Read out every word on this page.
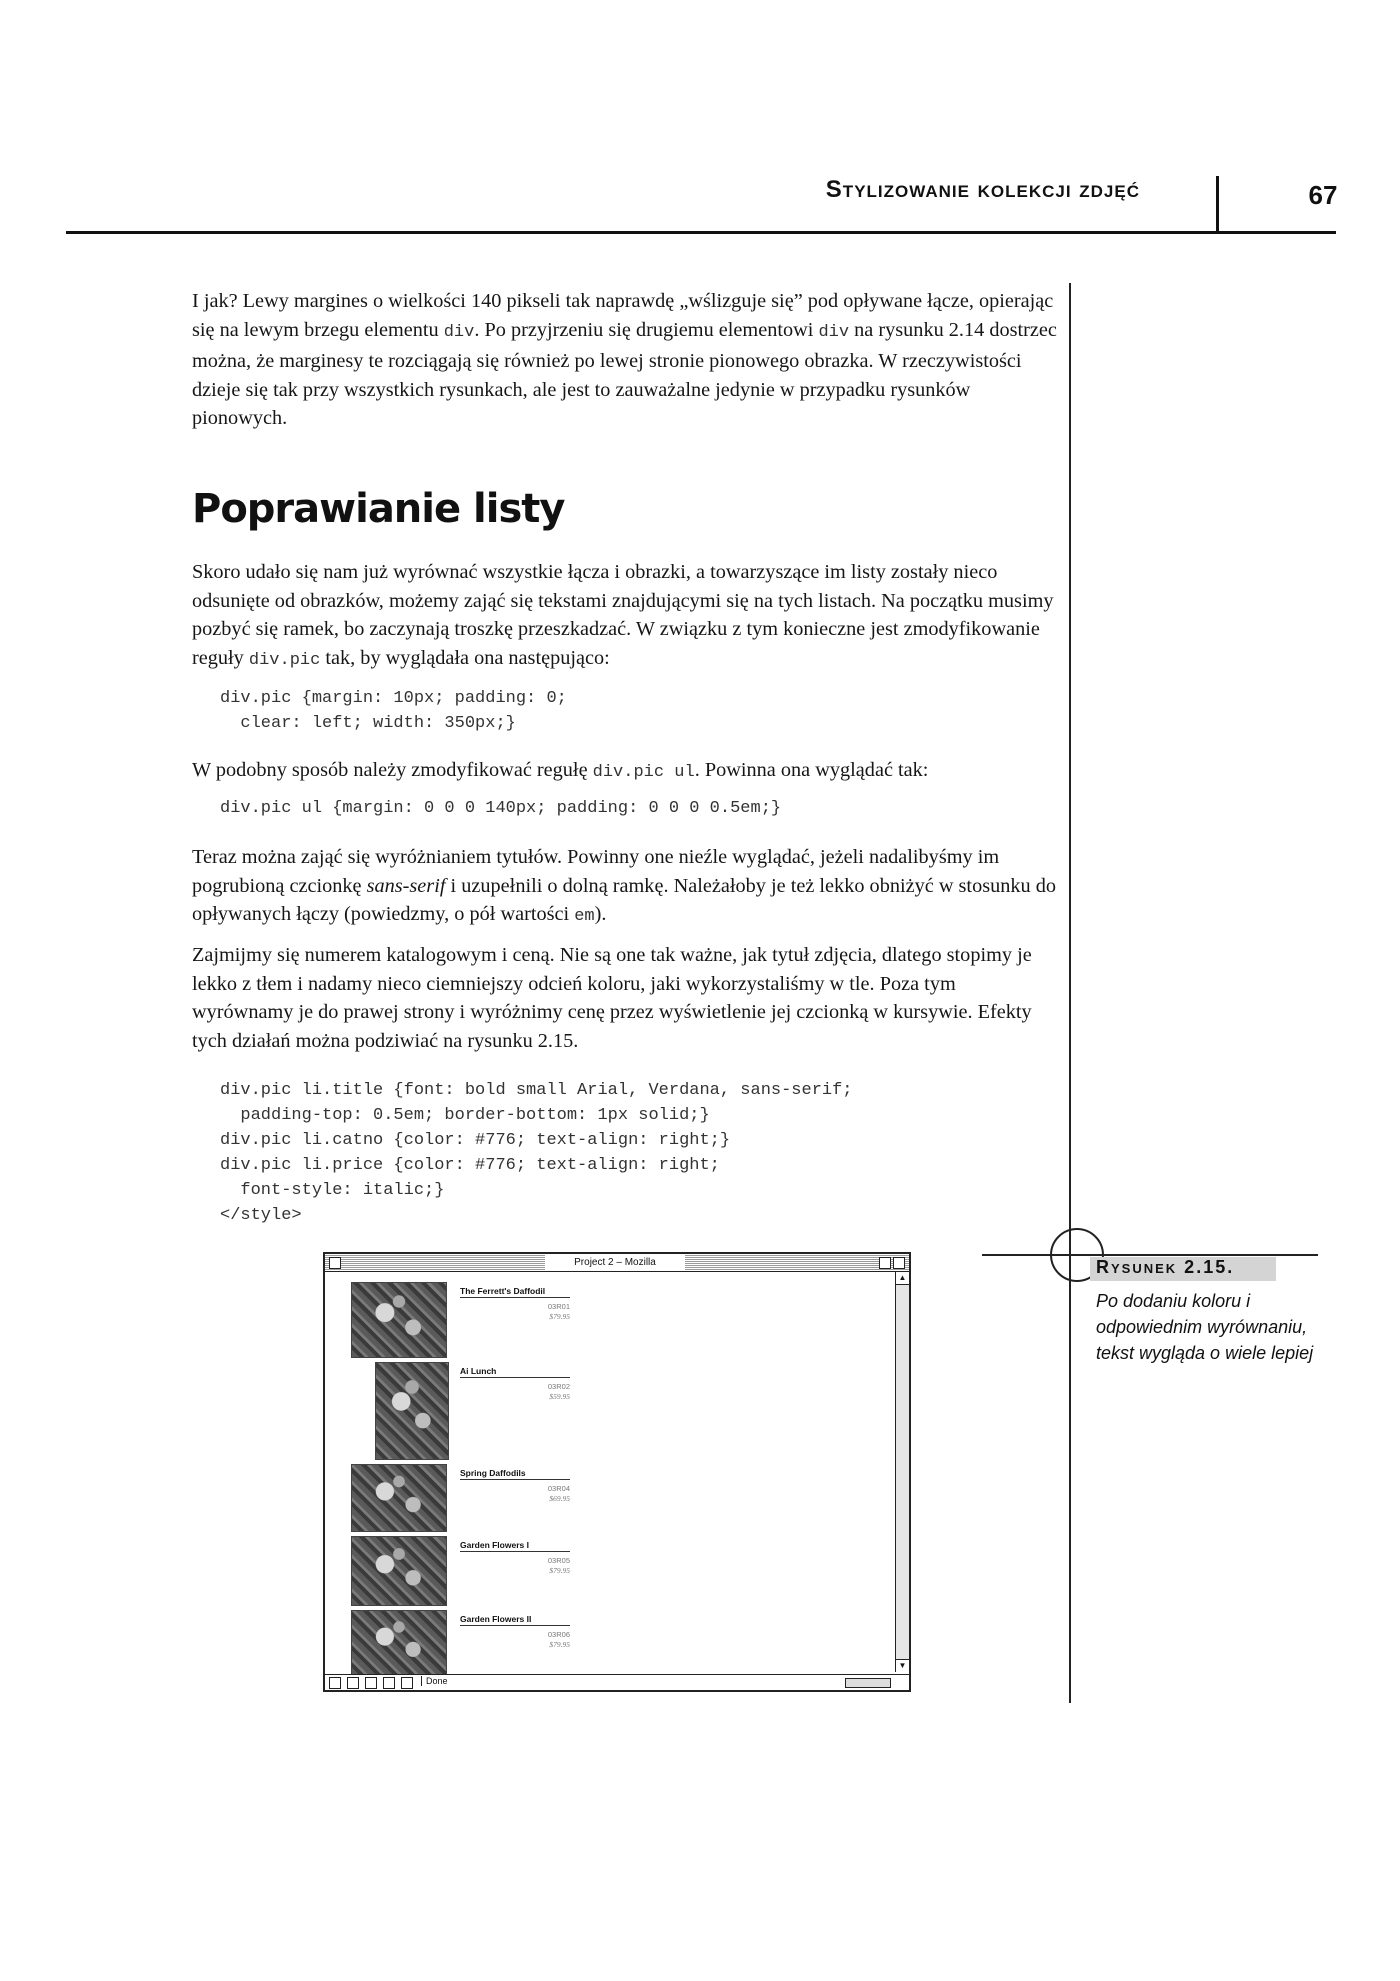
Stylizowanie kolekcji zdjęć	67

I jak? Lewy margines o wielkości 140 pikseli tak naprawdę „wślizguje się” pod opływane łącze, opierając się na lewym brzegu elementu div. Po przyjrzeniu się drugiemu elementowi div na rysunku 2.14 dostrzec można, że marginesy te rozciągają się również po lewej stronie pionowego obrazka. W rzeczywistości dzieje się tak przy wszystkich rysunkach, ale jest to zauważalne jedynie w przypadku rysunków pionowych.

Poprawianie listy

Skoro udało się nam już wyrównać wszystkie łącza i obrazki, a towarzyszące im listy zostały nieco odsunięte od obrazków, możemy zająć się tekstami znajdującymi się na tych listach. Na początku musimy pozbyć się ramek, bo zaczynają troszkę przeszkadzać. W związku z tym konieczne jest zmodyfikowanie reguły div.pic tak, by wyglądała ona następująco:

div.pic {margin: 10px; padding: 0;
clear: left; width: 350px;}

W podobny sposób należy zmodyfikować regułę div.pic ul. Powinna ona wyglądać tak:

div.pic ul {margin: 0 0 0 140px; padding: 0 0 0 0.5em;}

Teraz można zająć się wyróżnianiem tytułów. Powinny one nieźle wyglądać, jeżeli nadalibyśmy im pogrubioną czcionkę sans-serif i uzupełnili o dolną ramkę. Należałoby je też lekko obniżyć w stosunku do opływanych łączy (powiedzmy, o pół wartości em).

Zajmijmy się numerem katalogowym i ceną. Nie są one tak ważne, jak tytuł zdjęcia, dlatego stopimy je lekko z tłem i nadamy nieco ciemniejszy odcień koloru, jaki wykorzystaliśmy w tle. Poza tym wyrównamy je do prawej strony i wyróżnimy cenę przez wyświetlenie jej czcionką w kursywie. Efekty tych działań można podziwiać na rysunku 2.15.

div.pic li.title {font: bold small Arial, Verdana, sans-serif;
padding-top: 0.5em; border-bottom: 1px solid;}
div.pic li.catno {color: #776; text-align: right;}
div.pic li.price {color: #776; text-align: right;
font-style: italic;}
</style>
Rysunek 2.15.

Po dodaniu koloru i odpowiednim wyrównaniu, tekst wygląda o wiele lepiej

Project 2 – Mozilla
▲
▼
The Ferrett's Daffodil
03R01
$79.95
Ai Lunch
03R02
$59.95
Spring Daffodils
03R04
$69.95
Garden Flowers I
03R05
$79.95
Garden Flowers II
03R06
$79.95
Done
